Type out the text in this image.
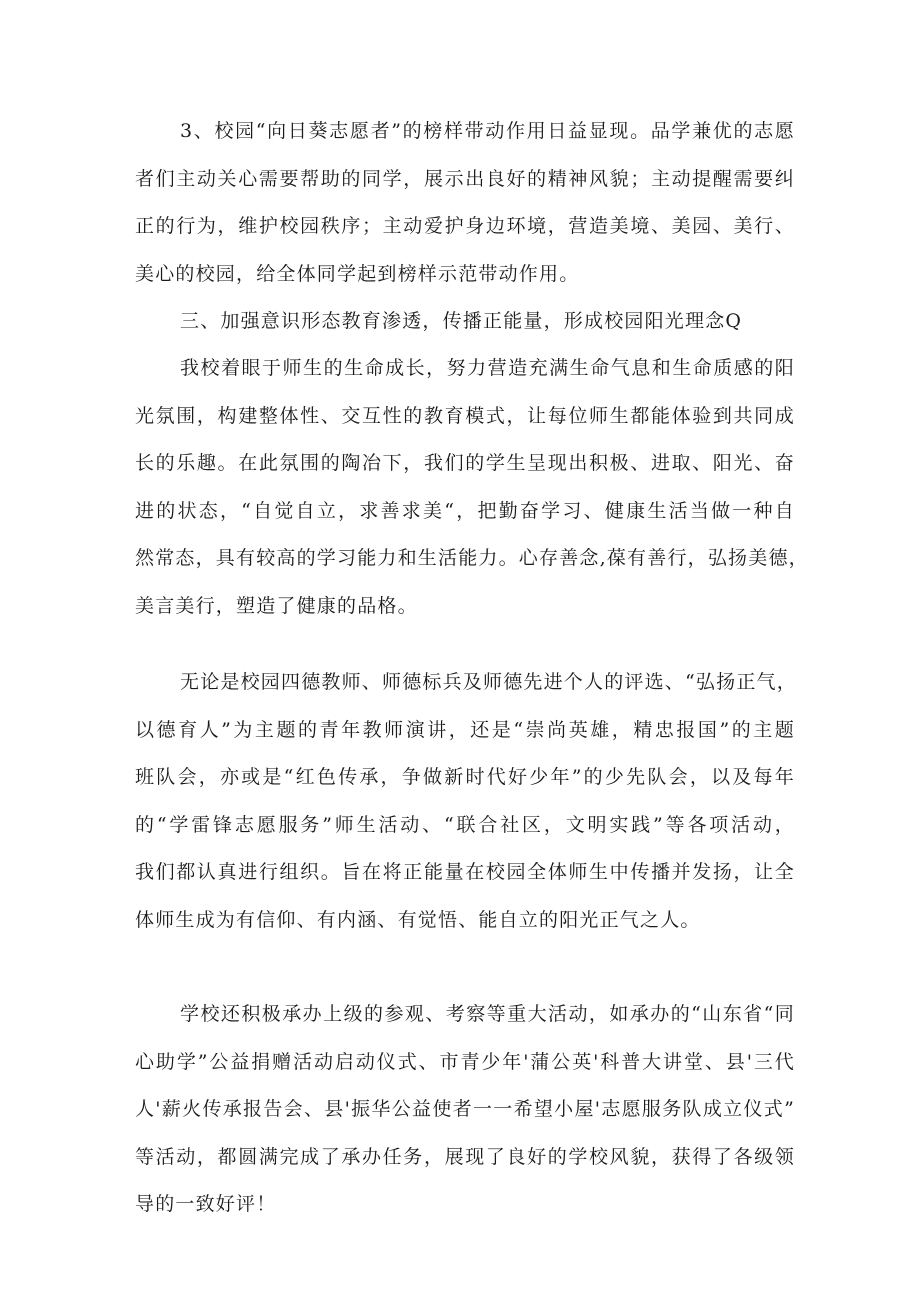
3、校园“向日葵志愿者”的榜样带动作用日益显现。品学兼优的志愿
者们主动关心需要帮助的同学，展示出良好的精神风貌；主动提醒需要纠
正的行为，维护校园秩序；主动爱护身边环境，营造美境、美园、美行、
美心的校园，给全体同学起到榜样示范带动作用。
三、加强意识形态教育渗透，传播正能量，形成校园阳光理念Q
我校着眼于师生的生命成长，努力营造充满生命气息和生命质感的阳
光氛围，构建整体性、交互性的教育模式，让每位师生都能体验到共同成
长的乐趣。在此氛围的陶冶下，我们的学生呈现出积极、进取、阳光、奋
进的状态，“自觉自立，求善求美“，把勤奋学习、健康生活当做一种自
然常态，具有较高的学习能力和生活能力。心存善念,葆有善行，弘扬美德，
美言美行，塑造了健康的品格。
无论是校园四德教师、师德标兵及师德先进个人的评选、“弘扬正气，
以德育人”为主题的青年教师演讲，还是“崇尚英雄，精忠报国”的主题
班队会，亦或是“红色传承，争做新时代好少年”的少先队会，以及每年
的“学雷锋志愿服务”师生活动、“联合社区，文明实践”等各项活动，
我们都认真进行组织。旨在将正能量在校园全体师生中传播并发扬，让全
体师生成为有信仰、有内涵、有觉悟、能自立的阳光正气之人。
学校还积极承办上级的参观、考察等重大活动，如承办的“山东省“同
心助学”公益捐赠活动启动仪式、市青少年'蒲公英'科普大讲堂、县'三代
人'薪火传承报告会、县'振华公益使者一一希望小屋'志愿服务队成立仪式”
等活动，都圆满完成了承办任务，展现了良好的学校风貌，获得了各级领
导的一致好评！
